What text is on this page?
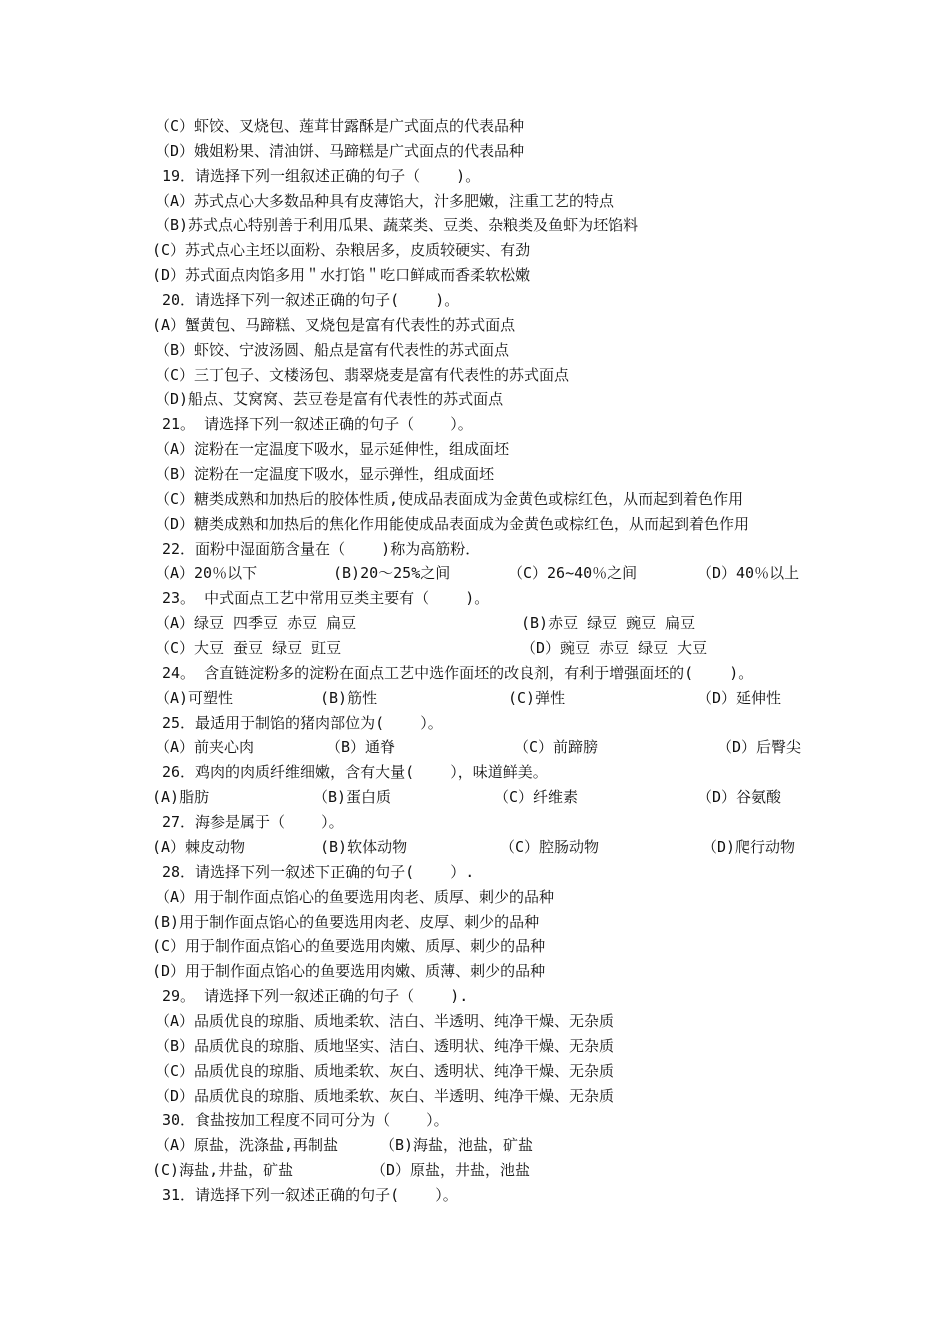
（C）虾饺、叉烧包、莲茸甘露酥是广式面点的代表品种
（D）娥姐粉果、清油饼、马蹄糕是广式面点的代表品种
19．请选择下列一组叙述正确的句子（    )。
（A）苏式点心大多数品种具有皮薄馅大，汁多肥嫩，注重工艺的特点
（B)苏式点心特别善于利用瓜果、蔬菜类、豆类、杂粮类及鱼虾为坯馅料
(C）苏式点心主坯以面粉、杂粮居多，皮质较硬实、有劲
(D）苏式面点肉馅多用＂水打馅＂吃口鲜咸而香柔软松嫩
20．请选择下列一叙述正确的句子(    )。
(A）蟹黄包、马蹄糕、叉烧包是富有代表性的苏式面点
（B）虾饺、宁波汤圆、船点是富有代表性的苏式面点
（C）三丁包子、文楼汤包、翡翠烧麦是富有代表性的苏式面点
（D)船点、艾窝窝、芸豆卷是富有代表性的苏式面点
21。 请选择下列一叙述正确的句子（    ）。
（A）淀粉在一定温度下吸水，显示延伸性，组成面坯
（B）淀粉在一定温度下吸水，显示弹性，组成面坯
（C）糖类成熟和加热后的胶体性质,使成品表面成为金黄色或棕红色，从而起到着色作用
（D）糖类成熟和加热后的焦化作用能使成品表面成为金黄色或棕红色，从而起到着色作用
22．面粉中湿面筋含量在（    )称为高筋粉．

（A）20％以下

	(B)20～25%之间

	（C）26~40％之间

	（D）40％以上

23。 中式面点工艺中常用豆类主要有（    )。

（A）绿豆 四季豆 赤豆 扁豆

	(B)赤豆 绿豆 豌豆 扁豆

（C）大豆 蚕豆 绿豆 豇豆

	（D）豌豆 赤豆 绿豆 大豆

24。 含直链淀粉多的淀粉在面点工艺中选作面坯的改良剂，有利于增强面坯的(    )。

（A)可塑性

	(B)筋性

	(C)弹性

	（D）延伸性

25．最适用于制馅的猪肉部位为(    ）。

（A）前夹心肉

	（B）通脊

	（C）前蹄膀

	（D）后臀尖

26．鸡肉的肉质纤维细嫩，含有大量(    ），味道鲜美。

(A)脂肪

	（B)蛋白质

	（C）纤维素

	（D）谷氨酸

27．海参是属于（    ）。

(A）棘皮动物

	(B)软体动物

	（C）腔肠动物

	（D)爬行动物

28．请选择下列一叙述下正确的句子(    ）.
（A）用于制作面点馅心的鱼要选用肉老、质厚、刺少的品种
(B)用于制作面点馅心的鱼要选用肉老、皮厚、刺少的品种
(C）用于制作面点馅心的鱼要选用肉嫩、质厚、刺少的品种
(D）用于制作面点馅心的鱼要选用肉嫩、质薄、刺少的品种
29。 请选择下列一叙述正确的句子（    ).
（A）品质优良的琼脂、质地柔软、洁白、半透明、纯净干燥、无杂质
（B）品质优良的琼脂、质地坚实、洁白、透明状、纯净干燥、无杂质
（C）品质优良的琼脂、质地柔软、灰白、透明状、纯净干燥、无杂质
（D）品质优良的琼脂、质地柔软、灰白、半透明、纯净干燥、无杂质
30．食盐按加工程度不同可分为（    ）。

（A）原盐，洗涤盐,再制盐

	（B)海盐，池盐，矿盐

(C)海盐,井盐，矿盐

	（D）原盐，井盐，池盐

31．请选择下列一叙述正确的句子(    ）。
